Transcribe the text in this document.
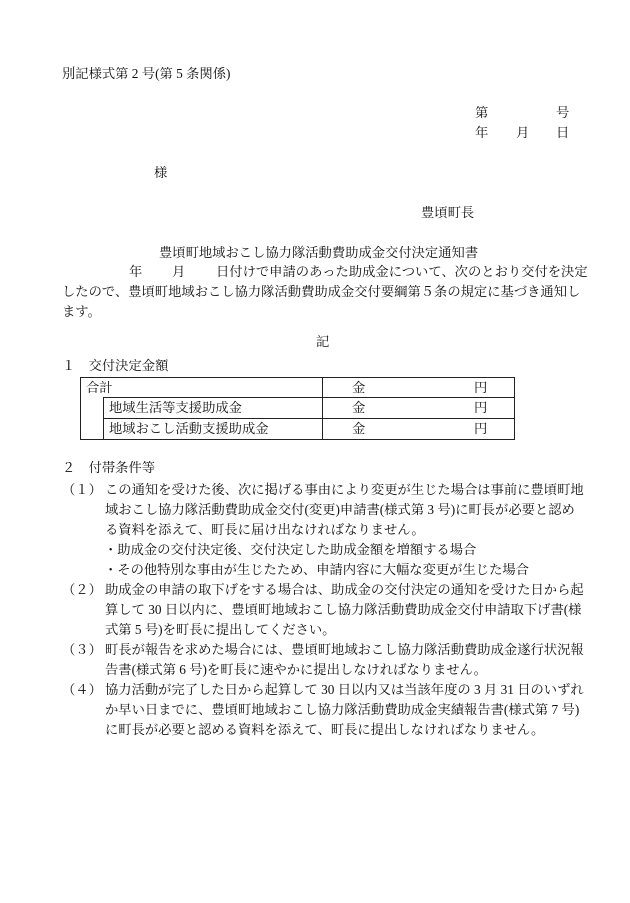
別記様式第 2 号(第 5 条関係)
第	号
年 月 日
様
豊頃町長
豊頃町地域おこし協力隊活動費助成金交付決定通知書
年 月 日付けで申請のあった助成金について、次のとおり交付を決定
したので、豊頃町地域おこし協力隊活動費助成金交付要綱第５条の規定に基づき通知し
ます。
記
１　交付決定金額
合計	金	円
地域生活等支援助成金	金	円
地域おこし活動支援助成金	金	円
２　付帯条件等
（１） この通知を受けた後、次に掲げる事由により変更が生じた場合は事前に豊頃町地
域おこし協力隊活動費助成金交付(変更)申請書(様式第 3 号)に町長が必要と認め
る資料を添えて、町長に届け出なければなりません。
・助成金の交付決定後、交付決定した助成金額を増額する場合
・その他特別な事由が生じたため、申請内容に大幅な変更が生じた場合
（２） 助成金の申請の取下げをする場合は、助成金の交付決定の通知を受けた日から起
算して 30 日以内に、豊頃町地域おこし協力隊活動費助成金交付申請取下げ書(様
式第 5 号)を町長に提出してください。
（３） 町長が報告を求めた場合には、豊頃町地域おこし協力隊活動費助成金遂行状況報
告書(様式第 6 号)を町長に速やかに提出しなければなりません。
（４） 協力活動が完了した日から起算して 30 日以内又は当該年度の 3 月 31 日のいずれ
か早い日までに、豊頃町地域おこし協力隊活動費助成金実績報告書(様式第 7 号)
に町長が必要と認める資料を添えて、町長に提出しなければなりません。
